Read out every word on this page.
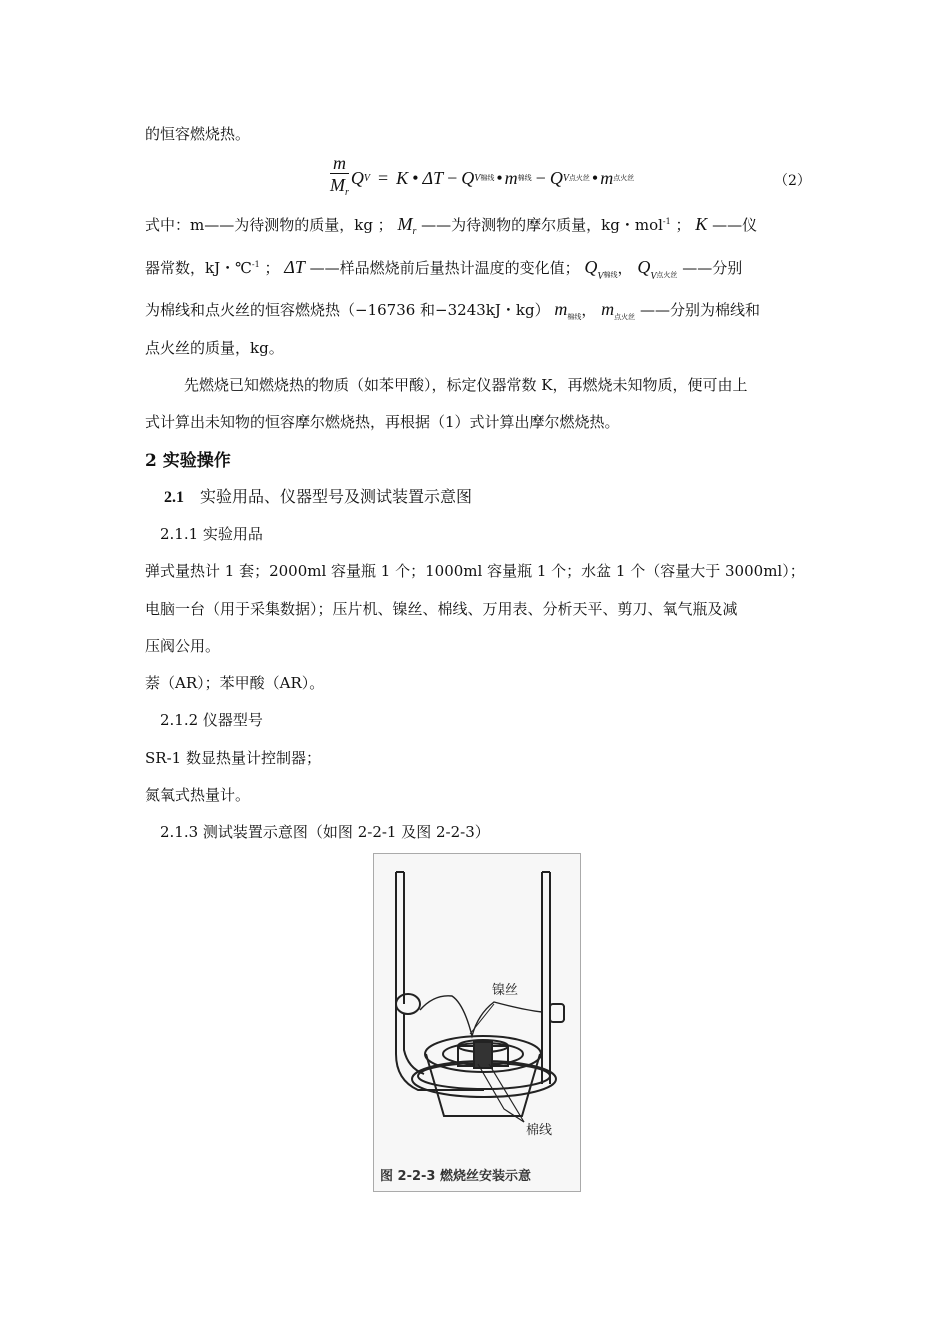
的恒容燃烧热。
$\frac{m}{M_r}$ Q V = K • ΔT − Q V 棉线 • m 棉线 − Q V 点火丝 • m 点火丝	（2）
式中：m——为待测物的质量，kg ； $M_r$ ——为待测物的摩尔质量，kg・mol$^{-1}$ ； K ——仪
器常数，kJ・℃$^{-1}$ ； ΔT ——样品燃烧前后量热计温度的变化值； $Q_{V棉线}$， $Q_{V点火丝}$ ——分别
为棉线和点火丝的恒容燃烧热（−16736 和−3243kJ・kg） $m_{棉线}$， $m_{点火丝}$ ——分别为棉线和
点火丝的质量，kg。
先燃烧已知燃烧热的物质（如苯甲酸），标定仪器常数 K，再燃烧未知物质，便可由上
式计算出未知物的恒容摩尔燃烧热，再根据（1）式计算出摩尔燃烧热。
2 实验操作
2.1 实验用品、仪器型号及测试装置示意图
2.1.1 实验用品
弹式量热计 1 套；2000ml 容量瓶 1 个；1000ml 容量瓶 1 个；水盆 1 个（容量大于 3000ml）；
电脑一台（用于采集数据）；压片机、镍丝、棉线、万用表、分析天平、剪刀、氧气瓶及减
压阀公用。
萘（AR）；苯甲酸（AR）。
2.1.2 仪器型号
SR-1 数显热量计控制器；
氮氧式热量计。
2.1.3 测试装置示意图（如图 2-2-1 及图 2-2-3）
镍丝
棉线
图 2-2-3 燃烧丝安装示意
